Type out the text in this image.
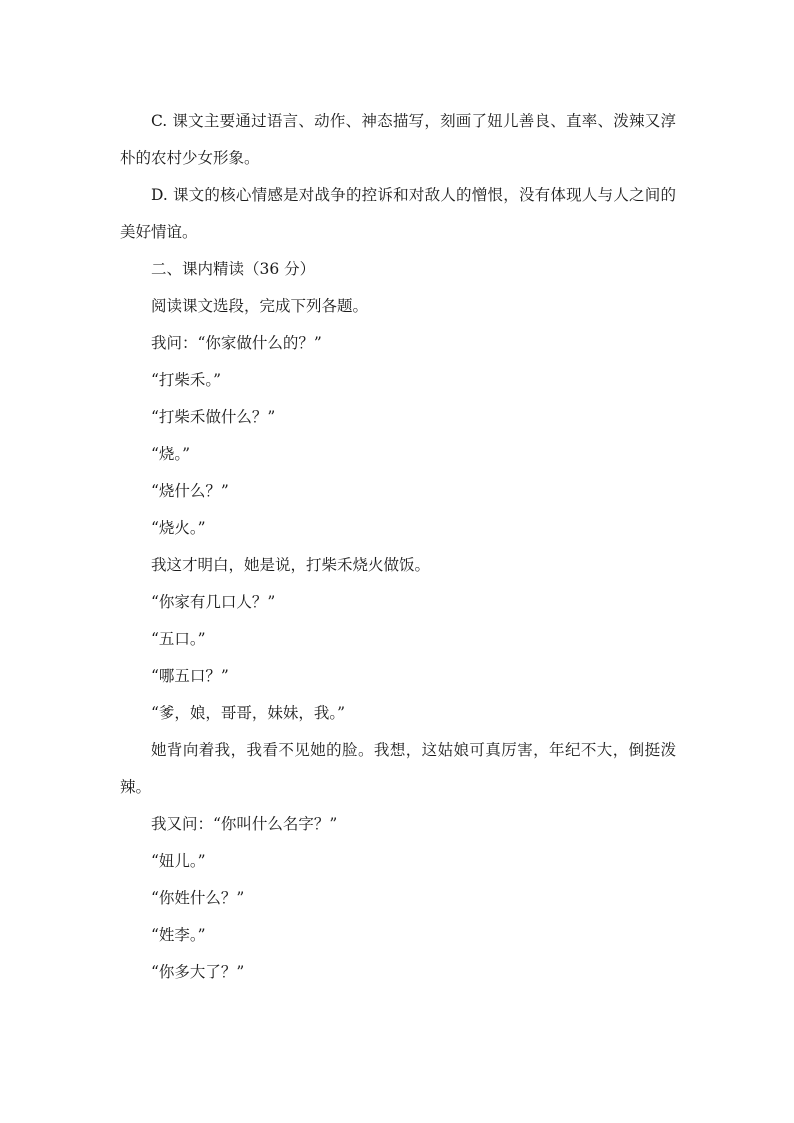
C. 课文主要通过语言、动作、神态描写，刻画了妞儿善良、直率、泼辣又淳朴的农村少女形象。

D. 课文的核心情感是对战争的控诉和对敌人的憎恨，没有体现人与人之间的美好情谊。

二、课内精读（36 分）

阅读课文选段，完成下列各题。

我问：“你家做什么的？”

“打柴禾。”

“打柴禾做什么？”

“烧。”

“烧什么？”

“烧火。”

我这才明白，她是说，打柴禾烧火做饭。

“你家有几口人？”

“五口。”

“哪五口？”

“爹，娘，哥哥，妹妹，我。”

她背向着我，我看不见她的脸。我想，这姑娘可真厉害，年纪不大，倒挺泼辣。

我又问：“你叫什么名字？”

“妞儿。”

“你姓什么？”

“姓李。”

“你多大了？”
